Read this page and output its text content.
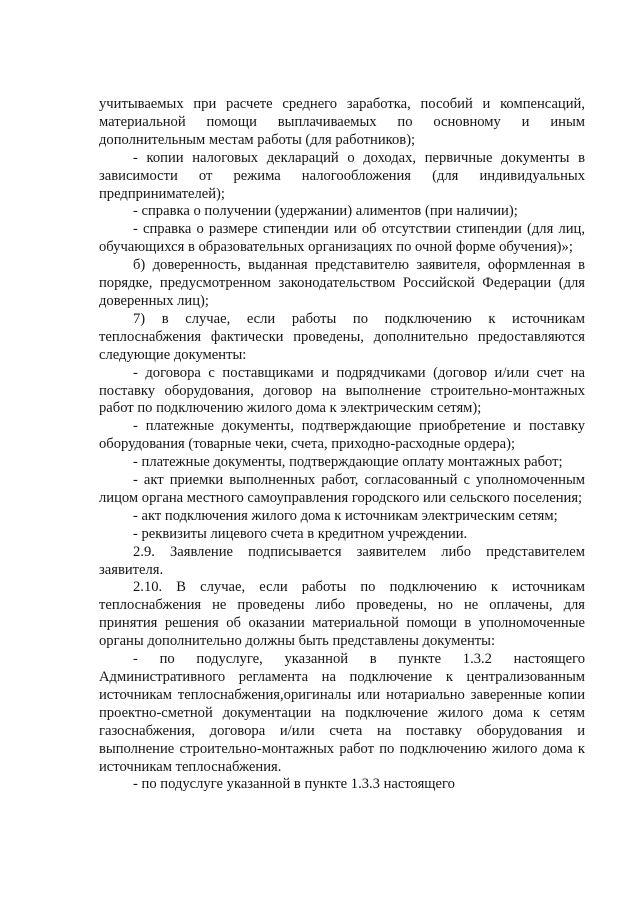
учитываемых при расчете среднего заработка, пособий и компенсаций, материальной помощи выплачиваемых по основному и иным дополнительным местам работы (для работников);

- копии налоговых деклараций о доходах, первичные документы в зависимости от режима налогообложения (для индивидуальных предпринимателей);

- справка о получении (удержании) алиментов (при наличии);

- справка о размере стипендии или об отсутствии стипендии (для лиц, обучающихся в образовательных организациях по очной форме обучения)»;

б) доверенность, выданная представителю заявителя, оформленная в порядке, предусмотренном законодательством Российской Федерации (для доверенных лиц);

7) в случае, если работы по подключению к источникам теплоснабжения фактически проведены, дополнительно предоставляются следующие документы:

- договора с поставщиками и подрядчиками (договор и/или счет на поставку оборудования, договор на выполнение строительно-монтажных работ по подключению жилого дома к электрическим сетям);

- платежные документы, подтверждающие приобретение и поставку оборудования (товарные чеки, счета, приходно-расходные ордера);

- платежные документы, подтверждающие оплату монтажных работ;

- акт приемки выполненных работ, согласованный с уполномоченным лицом органа местного самоуправления городского или сельского поселения;

- акт подключения жилого дома к источникам электрическим сетям;

- реквизиты лицевого счета в кредитном учреждении.

2.9. Заявление подписывается заявителем либо представителем заявителя.

2.10. В случае, если работы по подключению к источникам теплоснабжения не проведены либо проведены, но не оплачены, для принятия решения об оказании материальной помощи в уполномоченные органы дополнительно должны быть представлены документы:

- по подуслуге, указанной в пункте 1.3.2 настоящего Административного регламента на подключение к централизованным источникам теплоснабжения,оригиналы или нотариально заверенные копии проектно-сметной документации на подключение жилого дома к сетям газоснабжения, договора и/или счета на поставку оборудования и выполнение строительно-монтажных работ по подключению жилого дома к источникам теплоснабжения.

- по подуслуге указанной в пункте 1.3.3 настоящего
